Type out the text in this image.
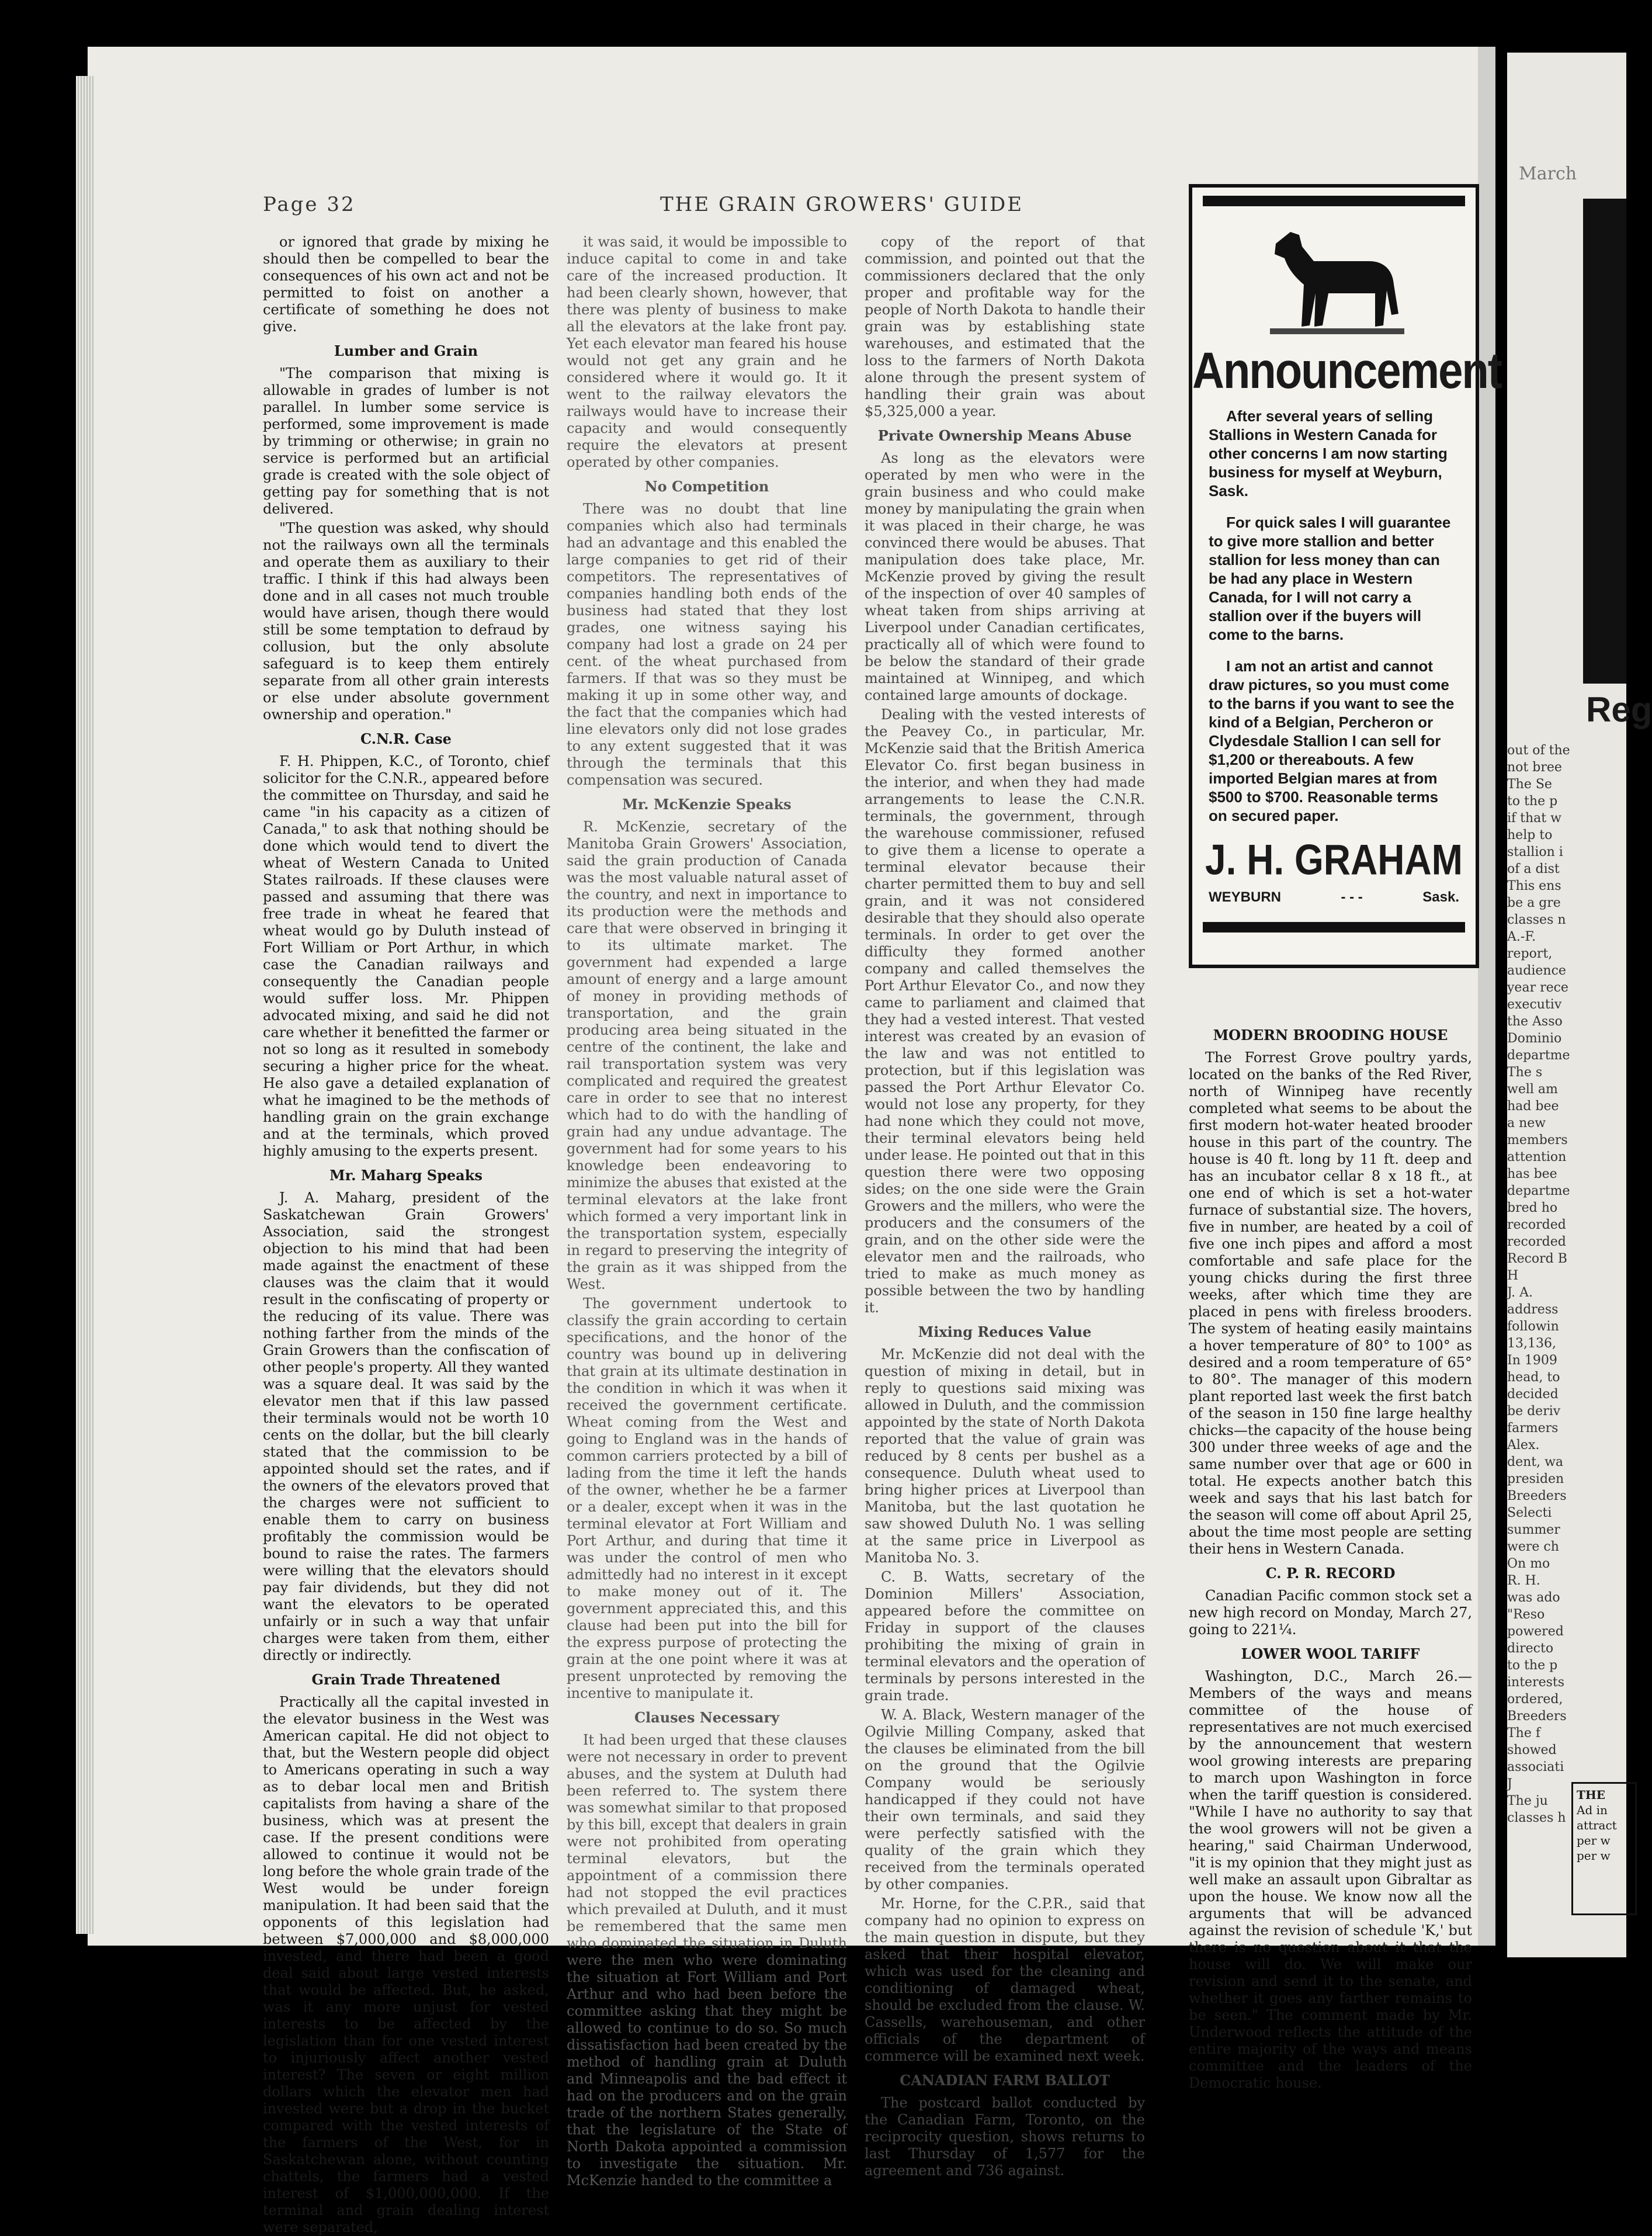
Page 32	THE GRAIN GROWERS' GUIDE

or ignored that grade by mixing he should then be compelled to bear the consequences of his own act and not be permitted to foist on another a certificate of something he does not give.

Lumber and Grain

"The comparison that mixing is allowable in grades of lumber is not parallel. In lumber some service is performed, some improvement is made by trimming or otherwise; in grain no service is performed but an artificial grade is created with the sole object of getting pay for something that is not delivered.

"The question was asked, why should not the railways own all the terminals and operate them as auxiliary to their traffic. I think if this had always been done and in all cases not much trouble would have arisen, though there would still be some temptation to defraud by collusion, but the only absolute safeguard is to keep them entirely separate from all other grain interests or else under absolute government ownership and operation."

C.N.R. Case

F. H. Phippen, K.C., of Toronto, chief solicitor for the C.N.R., appeared before the committee on Thursday, and said he came "in his capacity as a citizen of Canada," to ask that nothing should be done which would tend to divert the wheat of Western Canada to United States railroads. If these clauses were passed and assuming that there was free trade in wheat he feared that wheat would go by Duluth instead of Fort William or Port Arthur, in which case the Canadian railways and consequently the Canadian people would suffer loss. Mr. Phippen advocated mixing, and said he did not care whether it benefitted the farmer or not so long as it resulted in somebody securing a higher price for the wheat. He also gave a detailed explanation of what he imagined to be the methods of handling grain on the grain exchange and at the terminals, which proved highly amusing to the experts present.

Mr. Maharg Speaks

J. A. Maharg, president of the Saskatchewan Grain Growers' Association, said the strongest objection to his mind that had been made against the enactment of these clauses was the claim that it would result in the confiscating of property or the reducing of its value. There was nothing farther from the minds of the Grain Growers than the confiscation of other people's property. All they wanted was a square deal. It was said by the elevator men that if this law passed their terminals would not be worth 10 cents on the dollar, but the bill clearly stated that the commission to be appointed should set the rates, and if the owners of the elevators proved that the charges were not sufficient to enable them to carry on business profitably the commission would be bound to raise the rates. The farmers were willing that the elevators should pay fair dividends, but they did not want the elevators to be operated unfairly or in such a way that unfair charges were taken from them, either directly or indirectly.

Grain Trade Threatened

Practically all the capital invested in the elevator business in the West was American capital. He did not object to that, but the Western people did object to Americans operating in such a way as to debar local men and British capitalists from having a share of the business, which was at present the case. If the present conditions were allowed to continue it would not be long before the whole grain trade of the West would be under foreign manipulation. It had been said that the opponents of this legislation had between $7,000,000 and $8,000,000 invested, and there had been a good deal said about large vested interests that would be affected. But, he asked, was it any more unjust for vested interests to be affected by the legislation than for one vested interest to injuriously affect another vested interest? The seven or eight million dollars which the elevator men had invested were but a drop in the bucket compared with the vested interests of the farmers of the West, for in Saskatchewan alone, without counting chattels, the farmers had a vested interest of $1,000,000,000. If the terminal and grain dealing interest were separated,

it was said, it would be impossible to induce capital to come in and take care of the increased production. It had been clearly shown, however, that there was plenty of business to make all the elevators at the lake front pay. Yet each elevator man feared his house would not get any grain and he considered where it would go. It it went to the railway elevators the railways would have to increase their capacity and would consequently require the elevators at present operated by other companies.

No Competition

There was no doubt that line companies which also had terminals had an advantage and this enabled the large companies to get rid of their competitors. The representatives of companies handling both ends of the business had stated that they lost grades, one witness saying his company had lost a grade on 24 per cent. of the wheat purchased from farmers. If that was so they must be making it up in some other way, and the fact that the companies which had line elevators only did not lose grades to any extent suggested that it was through the terminals that this compensation was secured.

Mr. McKenzie Speaks

R. McKenzie, secretary of the Manitoba Grain Growers' Association, said the grain production of Canada was the most valuable natural asset of the country, and next in importance to its production were the methods and care that were observed in bringing it to its ultimate market. The government had expended a large amount of energy and a large amount of money in providing methods of transportation, and the grain producing area being situated in the centre of the continent, the lake and rail transportation system was very complicated and required the greatest care in order to see that no interest which had to do with the handling of grain had any undue advantage. The government had for some years to his knowledge been endeavoring to minimize the abuses that existed at the terminal elevators at the lake front which formed a very important link in the transportation system, especially in regard to preserving the integrity of the grain as it was shipped from the West.

The government undertook to classify the grain according to certain specifications, and the honor of the country was bound up in delivering that grain at its ultimate destination in the condition in which it was when it received the government certificate. Wheat coming from the West and going to England was in the hands of common carriers protected by a bill of lading from the time it left the hands of the owner, whether he be a farmer or a dealer, except when it was in the terminal elevator at Fort William and Port Arthur, and during that time it was under the control of men who admittedly had no interest in it except to make money out of it. The government appreciated this, and this clause had been put into the bill for the express purpose of protecting the grain at the one point where it was at present unprotected by removing the incentive to manipulate it.

Clauses Necessary

It had been urged that these clauses were not necessary in order to prevent abuses, and the system at Duluth had been referred to. The system there was somewhat similar to that proposed by this bill, except that dealers in grain were not prohibited from operating terminal elevators, but the appointment of a commission there had not stopped the evil practices which prevailed at Duluth, and it must be remembered that the same men who dominated the situation in Duluth were the men who were dominating the situation at Fort William and Port Arthur and who had been before the committee asking that they might be allowed to continue to do so. So much dissatisfaction had been created by the method of handling grain at Duluth and Minneapolis and the bad effect it had on the producers and on the grain trade of the northern States generally, that the legislature of the State of North Dakota appointed a commission to investigate the situation. Mr. McKenzie handed to the committee a

copy of the report of that commission, and pointed out that the commissioners declared that the only proper and profitable way for the people of North Dakota to handle their grain was by establishing state warehouses, and estimated that the loss to the farmers of North Dakota alone through the present system of handling their grain was about $5,325,000 a year.

Private Ownership Means Abuse

As long as the elevators were operated by men who were in the grain business and who could make money by manipulating the grain when it was placed in their charge, he was convinced there would be abuses. That manipulation does take place, Mr. McKenzie proved by giving the result of the inspection of over 40 samples of wheat taken from ships arriving at Liverpool under Canadian certificates, practically all of which were found to be below the standard of their grade maintained at Winnipeg, and which contained large amounts of dockage.

Dealing with the vested interests of the Peavey Co., in particular, Mr. McKenzie said that the British America Elevator Co. first began business in the interior, and when they had made arrangements to lease the C.N.R. terminals, the government, through the warehouse commissioner, refused to give them a license to operate a terminal elevator because their charter permitted them to buy and sell grain, and it was not considered desirable that they should also operate terminals. In order to get over the difficulty they formed another company and called themselves the Port Arthur Elevator Co., and now they came to parliament and claimed that they had a vested interest. That vested interest was created by an evasion of the law and was not entitled to protection, but if this legislation was passed the Port Arthur Elevator Co. would not lose any property, for they had none which they could not move, their terminal elevators being held under lease. He pointed out that in this question there were two opposing sides; on the one side were the Grain Growers and the millers, who were the producers and the consumers of the grain, and on the other side were the elevator men and the railroads, who tried to make as much money as possible between the two by handling it.

Mixing Reduces Value

Mr. McKenzie did not deal with the question of mixing in detail, but in reply to questions said mixing was allowed in Duluth, and the commission appointed by the state of North Dakota reported that the value of grain was reduced by 8 cents per bushel as a consequence. Duluth wheat used to bring higher prices at Liverpool than Manitoba, but the last quotation he saw showed Duluth No. 1 was selling at the same price in Liverpool as Manitoba No. 3.

C. B. Watts, secretary of the Dominion Millers' Association, appeared before the committee on Friday in support of the clauses prohibiting the mixing of grain in terminal elevators and the operation of terminals by persons interested in the grain trade.

W. A. Black, Western manager of the Ogilvie Milling Company, asked that the clauses be eliminated from the bill on the ground that the Ogilvie Company would be seriously handicapped if they could not have their own terminals, and said they were perfectly satisfied with the quality of the grain which they received from the terminals operated by other companies.

Mr. Horne, for the C.P.R., said that company had no opinion to express on the main question in dispute, but they asked that their hospital elevator, which was used for the cleaning and conditioning of damaged wheat, should be excluded from the clause. W. Cassells, warehouseman, and other officials of the department of commerce will be examined next week.

CANADIAN FARM BALLOT

The postcard ballot conducted by the Canadian Farm, Toronto, on the reciprocity question, shows returns to last Thursday of 1,577 for the agreement and 736 against.

MODERN BROODING HOUSE

The Forrest Grove poultry yards, located on the banks of the Red River, north of Winnipeg have recently completed what seems to be about the first modern hot-water heated brooder house in this part of the country. The house is 40 ft. long by 11 ft. deep and has an incubator cellar 8 x 18 ft., at one end of which is set a hot-water furnace of substantial size. The hovers, five in number, are heated by a coil of five one inch pipes and afford a most comfortable and safe place for the young chicks during the first three weeks, after which time they are placed in pens with fireless brooders. The system of heating easily maintains a hover temperature of 80° to 100° as desired and a room temperature of 65° to 80°. The manager of this modern plant reported last week the first batch of the season in 150 fine large healthy chicks—the capacity of the house being 300 under three weeks of age and the same number over that age or 600 in total. He expects another batch this week and says that his last batch for the season will come off about April 25, about the time most people are setting their hens in Western Canada.

C. P. R. RECORD

Canadian Pacific common stock set a new high record on Monday, March 27, going to 221¼.

LOWER WOOL TARIFF

Washington, D.C., March 26.—Members of the ways and means committee of the house of representatives are not much exercised by the announcement that western wool growing interests are preparing to march upon Washington in force when the tariff question is considered. "While I have no authority to say that the wool growers will not be given a hearing," said Chairman Underwood, "it is my opinion that they might just as well make an assault upon Gibraltar as upon the house. We know now all the arguments that will be advanced against the revision of schedule 'K,' but there is no question about it that the house will do. We will make our revision and send it to the senate, and whether it goes any farther remains to be seen." The comment made by Mr. Underwood reflects the attitude of the entire majority of the ways and means committee and the leaders of the Democratic house.

Announcement

After several years of selling Stallions in Western Canada for other concerns I am now starting business for myself at Weyburn, Sask.

For quick sales I will guarantee to give more stallion and better stallion for less money than can be had any place in Western Canada, for I will not carry a stallion over if the buyers will come to the barns.

I am not an artist and cannot draw pictures, so you must come to the barns if you want to see the kind of a Belgian, Percheron or Clydesdale Stallion I can sell for $1,200 or thereabouts. A few imported Belgian mares at from $500 to $700. Reasonable terms on secured paper.

J. H. GRAHAM
WEYBURN	- - -	Sask.
March
Reg
out of the
not bree
The Se
to the p
if that w
help to
stallion i
of a dist
This ens
be a gre
classes n
A.-F.
report,
audience
year rece
executiv
the Asso
Dominio
departme
The s
well am
had bee
a new
members
attention
has bee
departme
bred ho
recorded
recorded
Record B
H
J. A.
address
followin
13,136,
In 1909
head, to
decided
be deriv
farmers
Alex.
dent, wa
presiden
Breeders
Selecti
summer
were ch
On mo
R. H.
was ado
"Reso
powered
directo
to the p
interests
ordered,
Breeders
The f
showed
associati
J
The ju
classes h
THE
Ad in
attract
per w
per w
